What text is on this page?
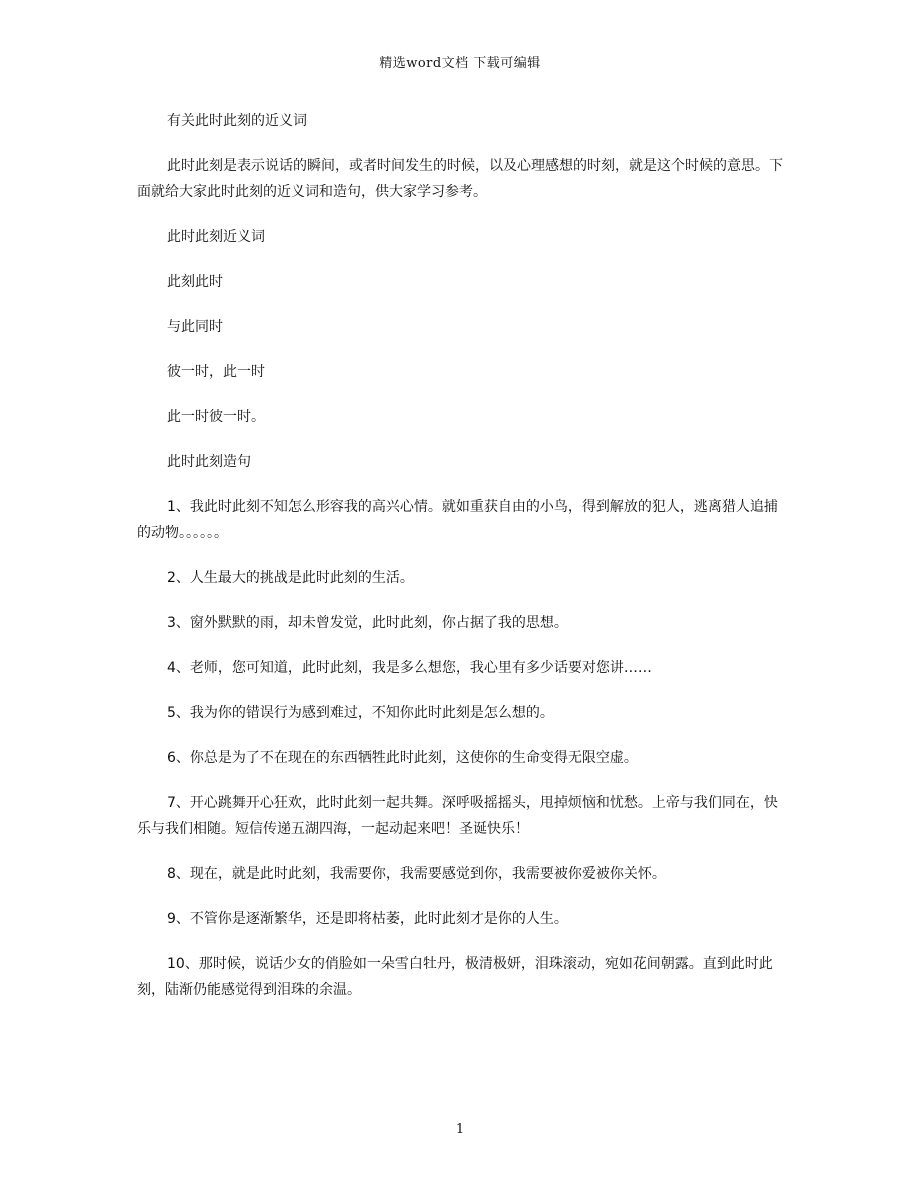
精选word文档 下载可编辑

有关此时此刻的近义词

此时此刻是表示说话的瞬间，或者时间发生的时候，以及心理感想的时刻，就是这个时候的意思。下面就给大家此时此刻的近义词和造句，供大家学习参考。

此时此刻近义词

此刻此时

与此同时

彼一时，此一时

此一时彼一时。

此时此刻造句

1、我此时此刻不知怎么形容我的高兴心情。就如重获自由的小鸟，得到解放的犯人，逃离猎人追捕的动物。。。。。。

2、人生最大的挑战是此时此刻的生活。

3、窗外默默的雨，却未曾发觉，此时此刻，你占据了我的思想。

4、老师，您可知道，此时此刻，我是多么想您，我心里有多少话要对您讲……

5、我为你的错误行为感到难过，不知你此时此刻是怎么想的。

6、你总是为了不在现在的东西牺牲此时此刻，这使你的生命变得无限空虚。

7、开心跳舞开心狂欢，此时此刻一起共舞。深呼吸摇摇头，甩掉烦恼和忧愁。上帝与我们同在，快乐与我们相随。短信传递五湖四海，一起动起来吧！圣诞快乐！

8、现在，就是此时此刻，我需要你，我需要感觉到你，我需要被你爱被你关怀。

9、不管你是逐渐繁华，还是即将枯萎，此时此刻才是你的人生。

10、那时候，说话少女的俏脸如一朵雪白牡丹，极清极妍，泪珠滚动，宛如花间朝露。直到此时此刻，陆渐仍能感觉得到泪珠的余温。

1
